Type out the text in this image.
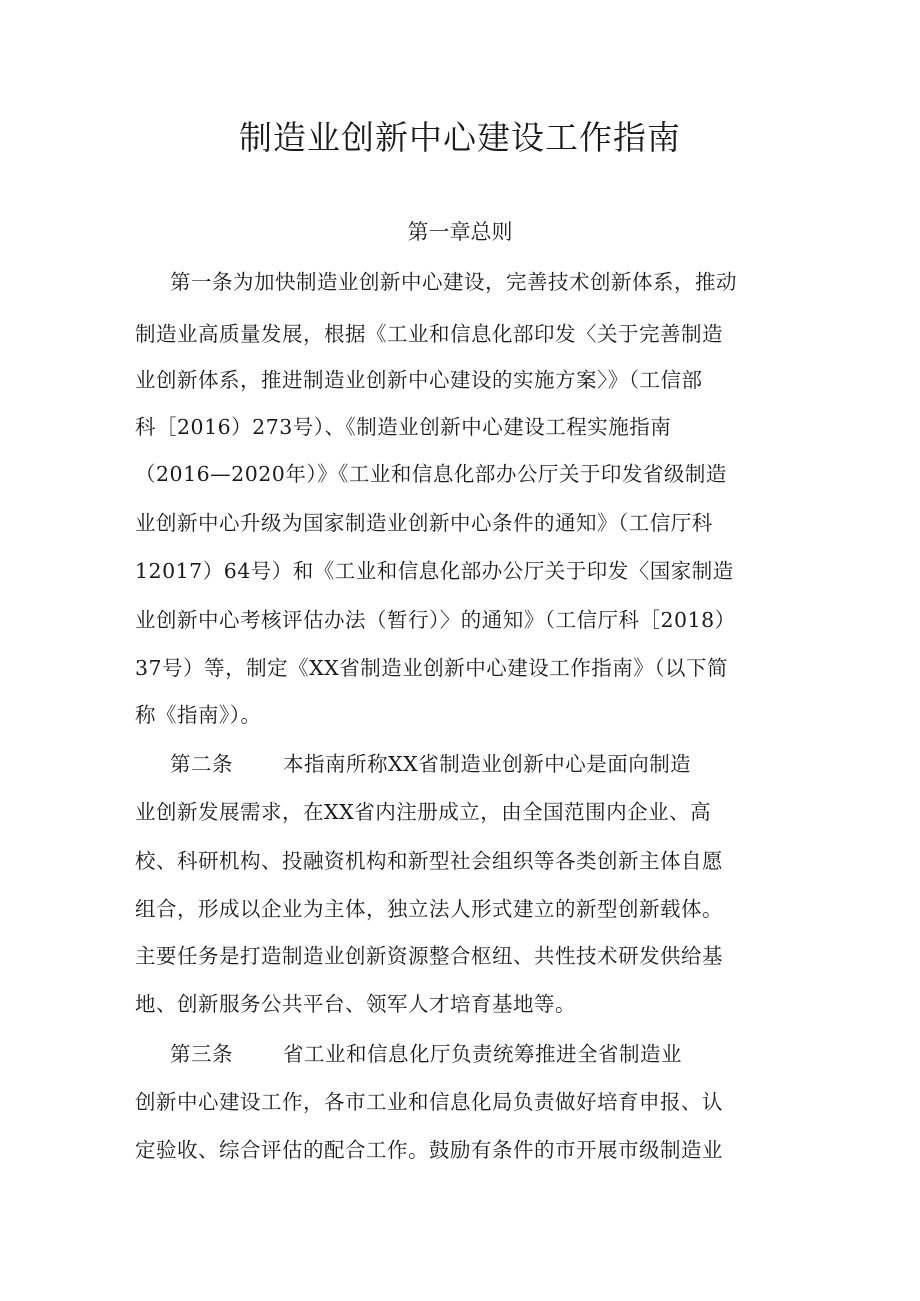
制造业创新中心建设工作指南
第一章总则
第一条为加快制造业创新中心建设，完善技术创新体系，推动
制造业高质量发展，根据《工业和信息化部印发〈关于完善制造
业创新体系，推进制造业创新中心建设的实施方案〉》（工信部
科［2016）273号）、《制造业创新中心建设工程实施指南
（2016—2020年）》《工业和信息化部办公厅关于印发省级制造
业创新中心升级为国家制造业创新中心条件的通知》（工信厅科
12017）64号）和《工业和信息化部办公厅关于印发〈国家制造
业创新中心考核评估办法（暂行）〉的通知》（工信厅科［2018）
37号）等，制定《XX省制造业创新中心建设工作指南》（以下简
称《指南》）。
第二条 本指南所称XX省制造业创新中心是面向制造
业创新发展需求，在XX省内注册成立，由全国范围内企业、高
校、科研机构、投融资机构和新型社会组织等各类创新主体自愿
组合，形成以企业为主体，独立法人形式建立的新型创新载体。
主要任务是打造制造业创新资源整合枢纽、共性技术研发供给基
地、创新服务公共平台、领军人才培育基地等。
第三条 省工业和信息化厅负责统筹推进全省制造业
创新中心建设工作，各市工业和信息化局负责做好培育申报、认
定验收、综合评估的配合工作。鼓励有条件的市开展市级制造业
